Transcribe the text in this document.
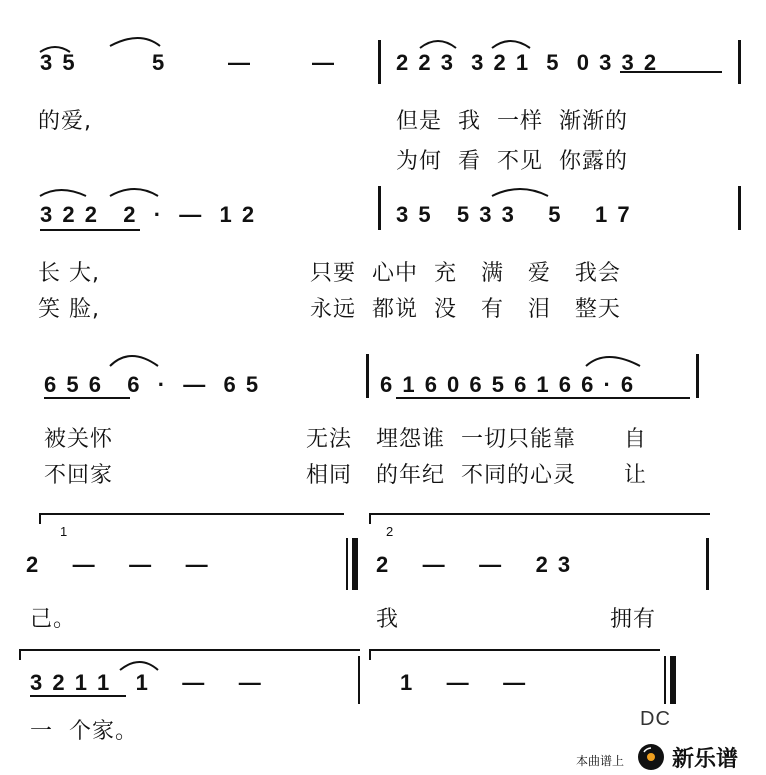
3 5	5	—	—	2 2 3  3 2 1  5  0 3 3 2
的爱,	但是  我  一样  渐渐的
为何  看  不见  你露的
3 2 2   2  ·  —  1 2	3 5   5 3 3    5    1 7
长 大,	只要  心中  充   满   爱   我会
笑 脸,	永远  都说  没   有   泪   整天
6 5 6   6  ·  —  6 5	6 1 6 0 6 5 6 1 6 6 · 6
被关怀	无法   埋怨谁  一切只能靠      自
不回家	相同   的年纪  不同的心灵      让
1	2
2    —    —    —	2    —    —    2 3
己。	我	拥有
3 2 1 1   1    —    —	1    —    —
一  个家。	DC
本曲谱上 新乐谱
